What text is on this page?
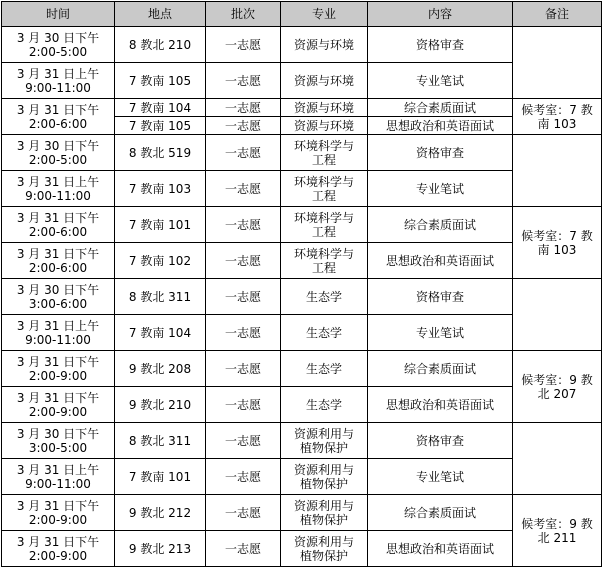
时间	地点	批次	专业	内容	备注

3 月 30 日下午
2:00-5:00	8 教北 210	一志愿	资源与环境	资格审查	

3 月 31 日上午
9:00-11:00	7 教南 105	一志愿	资源与环境	专业笔试	

3 月 31 日下午
2:00-6:00	7 教南 104	一志愿	资源与环境	综合素质面试	候考室：7 教
南 103

	7 教南 105	一志愿	资源与环境	思想政治和英语面试	

3 月 30 日下午
2:00-5:00	8 教北 519	一志愿	环境科学与
工程	资格审查	

3 月 31 日上午
9:00-11:00	7 教南 103	一志愿	环境科学与
工程	专业笔试	

3 月 31 日下午
2:00-6:00	7 教南 101	一志愿	环境科学与
工程	综合素质面试	候考室：7 教
南 103

3 月 31 日下午
2:00-6:00	7 教南 102	一志愿	环境科学与
工程	思想政治和英语面试	

3 月 30 日下午
3:00-6:00	8 教北 311	一志愿	生态学	资格审查	

3 月 31 日上午
9:00-11:00	7 教南 104	一志愿	生态学	专业笔试	

3 月 31 日下午
2:00-9:00	9 教北 208	一志愿	生态学	综合素质面试	候考室：9 教
北 207

3 月 31 日下午
2:00-9:00	9 教北 210	一志愿	生态学	思想政治和英语面试	

3 月 30 日下午
3:00-5:00	8 教北 311	一志愿	资源利用与
植物保护	资格审查	

3 月 31 日上午
9:00-11:00	7 教南 101	一志愿	资源利用与
植物保护	专业笔试	

3 月 31 日下午
2:00-9:00	9 教北 212	一志愿	资源利用与
植物保护	综合素质面试	候考室：9 教
北 211

3 月 31 日下午
2:00-9:00	9 教北 213	一志愿	资源利用与
植物保护	思想政治和英语面试	
